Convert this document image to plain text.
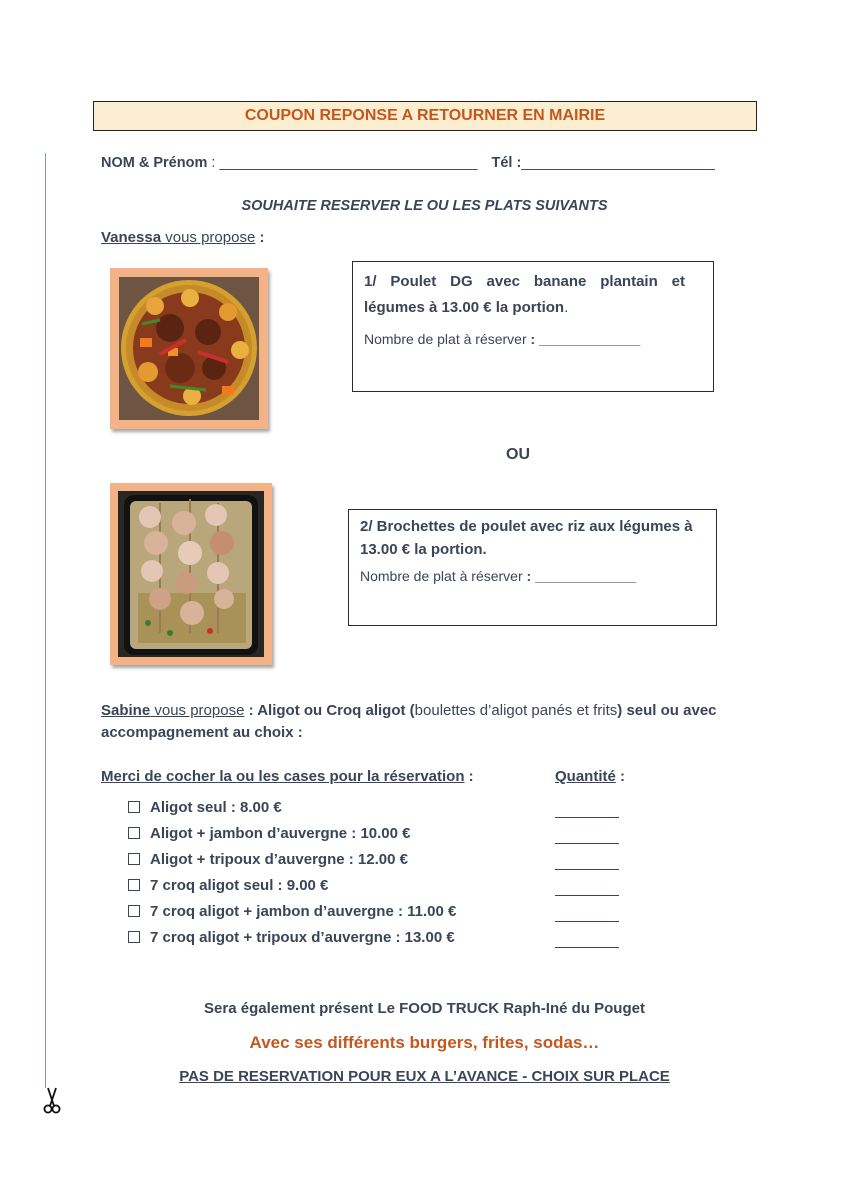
COUPON REPONSE A RETOURNER EN MAIRIE
NOM & Prénom : ________________________________ Tél :________________________
SOUHAITE RESERVER LE OU LES PLATS SUIVANTS
Vanessa vous propose :
1/ Poulet DG avec banane plantain et légumes à 13.00 € la portion.
Nombre de plat à réserver : _____________
OU
2/ Brochettes de poulet avec riz aux légumes à 13.00 € la portion.
Nombre de plat à réserver : _____________
Sabine vous propose : Aligot ou Croq aligot (boulettes d’aligot panés et frits) seul ou avec accompagnement au choix :
Merci de cocher la ou les cases pour la réservation :	Quantité :
Aligot seul : 8.00 €
Aligot + jambon d’auvergne : 10.00 €
Aligot + tripoux d’auvergne : 12.00 €
7 croq aligot seul : 9.00 €
7 croq aligot + jambon d’auvergne : 11.00 €
7 croq aligot + tripoux d’auvergne : 13.00 €
Sera également présent Le FOOD TRUCK Raph-Iné du Pouget
Avec ses différents burgers, frites, sodas…
PAS DE RESERVATION POUR EUX A L’AVANCE - CHOIX SUR PLACE
